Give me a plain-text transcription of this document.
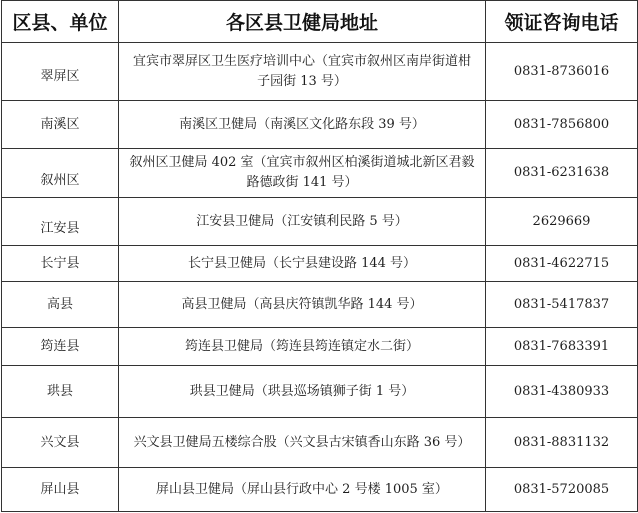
区县、单位	各区县卫健局地址	领证咨询电话
翠屏区	宜宾市翠屏区卫生医疗培训中心（宜宾市叙州区南岸街道柑子园街 13 号）	0831-8736016
南溪区	南溪区卫健局（南溪区文化路东段 39 号）	0831-7856800
叙州区	叙州区卫健局 402 室（宜宾市叙州区柏溪街道城北新区君毅路德政街 141 号）	0831-6231638
江安县	江安县卫健局（江安镇利民路 5 号）	2629669
长宁县	长宁县卫健局（长宁县建设路 144 号）	0831-4622715
高县	高县卫健局（高县庆符镇凯华路 144 号）	0831-5417837
筠连县	筠连县卫健局（筠连县筠连镇定水二街）	0831-7683391
珙县	珙县卫健局（珙县巡场镇狮子街 1 号）	0831-4380933
兴文县	兴文县卫健局五楼综合股（兴文县古宋镇香山东路 36 号）	0831-8831132
屏山县	屏山县卫健局（屏山县行政中心 2 号楼 1005 室）	0831-5720085
